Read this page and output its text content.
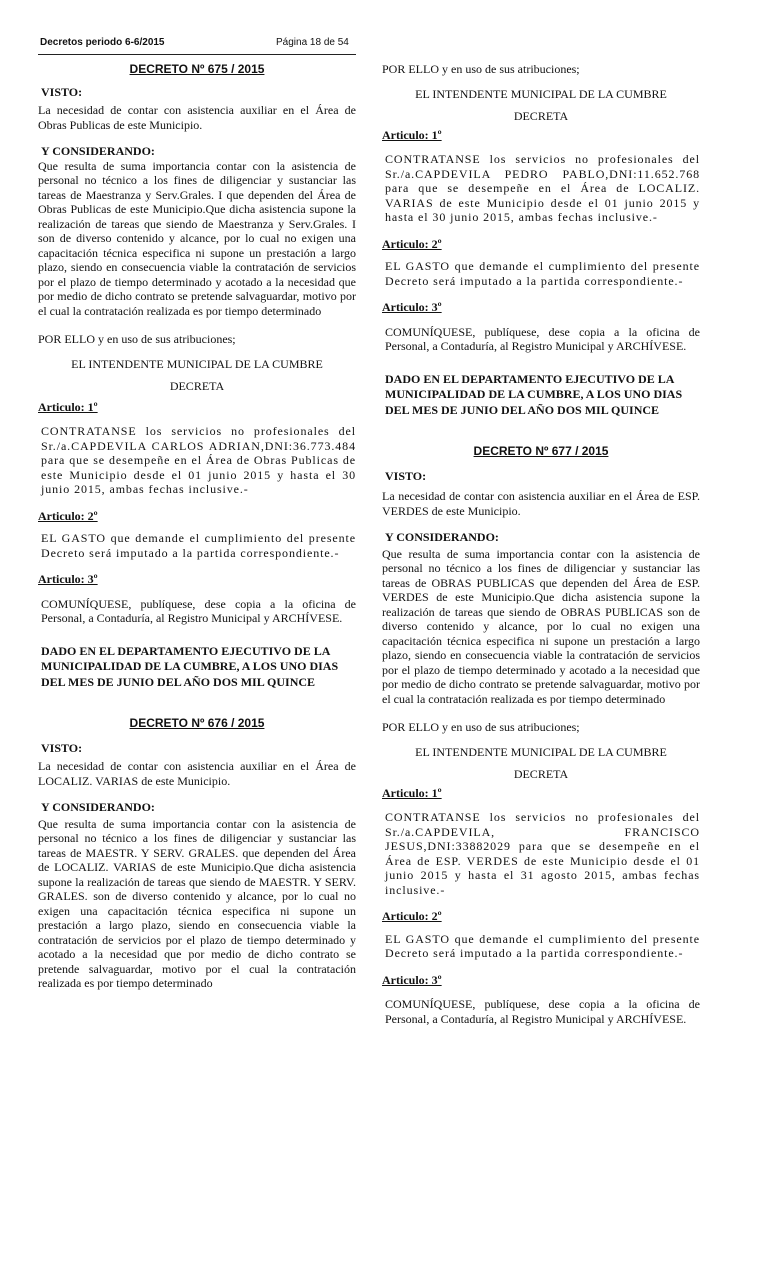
Decretos periodo 6-6/2015	Página 18 de 54

DECRETO Nº 675 / 2015

VISTO:

La necesidad de contar con asistencia auxiliar en el Área de Obras Publicas de este Municipio.

Y CONSIDERANDO:

Que resulta de suma importancia contar con la asistencia de personal no técnico a los fines de diligenciar y sustanciar las tareas de Maestranza y Serv.Grales. I que dependen del Área de Obras Publicas de este Municipio.Que dicha asistencia supone la realización de tareas que siendo de Maestranza y Serv.Grales. I son de diverso contenido y alcance, por lo cual no exigen una capacitación técnica especifica ni supone un prestación a largo plazo, siendo en consecuencia viable la contratación de servicios por el plazo de tiempo determinado y acotado a la necesidad que por medio de dicho contrato se pretende salvaguardar, motivo por el cual la contratación realizada es por tiempo determinado

POR ELLO y en uso de sus atribuciones;

EL INTENDENTE MUNICIPAL DE LA CUMBRE

DECRETA

Articulo: 1º

CONTRATANSE los servicios no profesionales del Sr./a.CAPDEVILA CARLOS ADRIAN,DNI:36.773.484 para que se desempeñe en el Área de Obras Publicas de este Municipio desde el 01 junio 2015 y hasta el 30 junio 2015, ambas fechas inclusive.-

Articulo: 2º

EL GASTO que demande el cumplimiento del presente Decreto será imputado a la partida correspondiente.-

Articulo: 3º

COMUNÍQUESE, publíquese, dese copia a la oficina de Personal, a Contaduría, al Registro Municipal y ARCHÍVESE.

DADO EN EL DEPARTAMENTO EJECUTIVO DE LA MUNICIPALIDAD DE LA CUMBRE, A LOS UNO DIAS DEL MES DE JUNIO DEL AÑO DOS MIL QUINCE

DECRETO Nº 676 / 2015

VISTO:

La necesidad de contar con asistencia auxiliar en el Área de LOCALIZ. VARIAS de este Municipio.

Y CONSIDERANDO:

Que resulta de suma importancia contar con la asistencia de personal no técnico a los fines de diligenciar y sustanciar las tareas de MAESTR. Y SERV. GRALES. que dependen del Área de LOCALIZ. VARIAS de este Municipio.Que dicha asistencia supone la realización de tareas que siendo de MAESTR. Y SERV. GRALES. son de diverso contenido y alcance, por lo cual no exigen una capacitación técnica especifica ni supone un prestación a largo plazo, siendo en consecuencia viable la contratación de servicios por el plazo de tiempo determinado y acotado a la necesidad que por medio de dicho contrato se pretende salvaguardar, motivo por el cual la contratación realizada es por tiempo determinado

POR ELLO y en uso de sus atribuciones;

EL INTENDENTE MUNICIPAL DE LA CUMBRE

DECRETA

Articulo: 1º

CONTRATANSE los servicios no profesionales del Sr./a.CAPDEVILA PEDRO PABLO,DNI:11.652.768 para que se desempeñe en el Área de LOCALIZ. VARIAS de este Municipio desde el 01 junio 2015 y hasta el 30 junio 2015, ambas fechas inclusive.-

Articulo: 2º

EL GASTO que demande el cumplimiento del presente Decreto será imputado a la partida correspondiente.-

Articulo: 3º

COMUNÍQUESE, publíquese, dese copia a la oficina de Personal, a Contaduría, al Registro Municipal y ARCHÍVESE.

DADO EN EL DEPARTAMENTO EJECUTIVO DE LA MUNICIPALIDAD DE LA CUMBRE, A LOS UNO DIAS DEL MES DE JUNIO DEL AÑO DOS MIL QUINCE

DECRETO Nº 677 / 2015

VISTO:

La necesidad de contar con asistencia auxiliar en el Área de ESP. VERDES de este Municipio.

Y CONSIDERANDO:

Que resulta de suma importancia contar con la asistencia de personal no técnico a los fines de diligenciar y sustanciar las tareas de OBRAS PUBLICAS que dependen del Área de ESP. VERDES de este Municipio.Que dicha asistencia supone la realización de tareas que siendo de OBRAS PUBLICAS son de diverso contenido y alcance, por lo cual no exigen una capacitación técnica especifica ni supone un prestación a largo plazo, siendo en consecuencia viable la contratación de servicios por el plazo de tiempo determinado y acotado a la necesidad que por medio de dicho contrato se pretende salvaguardar, motivo por el cual la contratación realizada es por tiempo determinado

POR ELLO y en uso de sus atribuciones;

EL INTENDENTE MUNICIPAL DE LA CUMBRE

DECRETA

Articulo: 1º

CONTRATANSE los servicios no profesionales del Sr./a.CAPDEVILA, FRANCISCO JESUS,DNI:33882029 para que se desempeñe en el Área de ESP. VERDES de este Municipio desde el 01 junio 2015 y hasta el 31 agosto 2015, ambas fechas inclusive.-

Articulo: 2º

EL GASTO que demande el cumplimiento del presente Decreto será imputado a la partida correspondiente.-

Articulo: 3º

COMUNÍQUESE, publíquese, dese copia a la oficina de Personal, a Contaduría, al Registro Municipal y ARCHÍVESE.
